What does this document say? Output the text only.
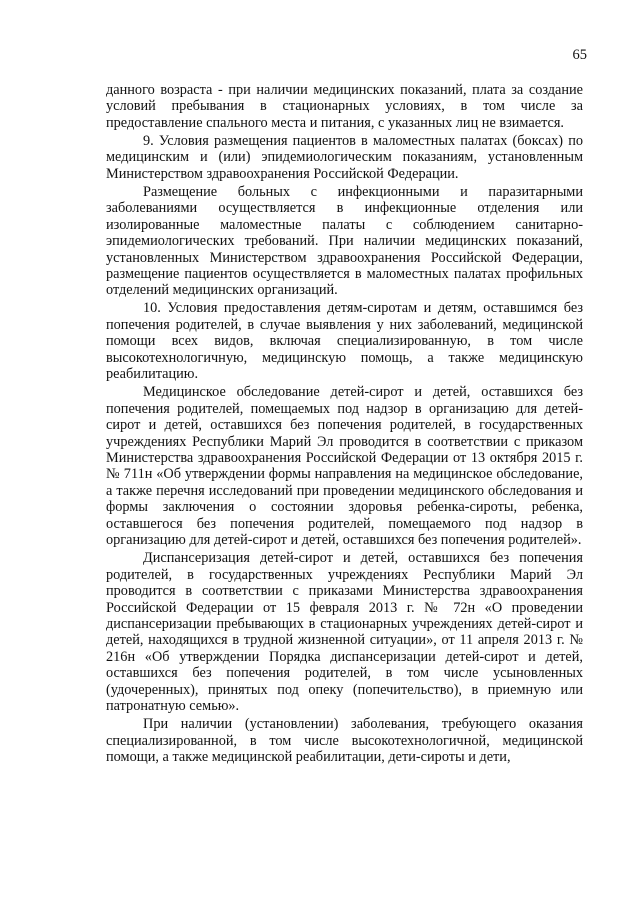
65

данного возраста - при наличии медицинских показаний, плата за создание условий пребывания в стационарных условиях, в том числе за предоставление спального места и питания, с указанных лиц не взимается.

9. Условия размещения пациентов в маломестных палатах (боксах) по медицинским и (или) эпидемиологическим показаниям, установленным Министерством здравоохранения Российской Федерации.

Размещение больных с инфекционными и паразитарными заболеваниями осуществляется в инфекционные отделения или изолированные маломестные палаты с соблюдением санитарно-эпидемиологических требований. При наличии медицинских показаний, установленных Министерством здравоохранения Российской Федерации, размещение пациентов осуществляется в маломестных палатах профильных отделений медицинских организаций.

10. Условия предоставления детям-сиротам и детям, оставшимся без попечения родителей, в случае выявления у них заболеваний, медицинской помощи всех видов, включая специализированную, в том числе высокотехнологичную, медицинскую помощь, а также медицинскую реабилитацию.

Медицинское обследование детей-сирот и детей, оставшихся без попечения родителей, помещаемых под надзор в организацию для детей-сирот и детей, оставшихся без попечения родителей, в государственных учреждениях Республики Марий Эл проводится в соответствии с приказом Министерства здравоохранения Российской Федерации от 13 октября 2015 г. № 711н «Об утверждении формы направления на медицинское обследование, а также перечня исследований при проведении медицинского обследования и формы заключения о состоянии здоровья ребенка-сироты, ребенка, оставшегося без попечения родителей, помещаемого под надзор в организацию для детей-сирот и детей, оставшихся без попечения родителей».

Диспансеризация детей-сирот и детей, оставшихся без попечения родителей, в государственных учреждениях Республики Марий Эл проводится в соответствии с приказами Министерства здравоохранения Российской Федерации от 15 февраля 2013 г. № 72н «О проведении диспансеризации пребывающих в стационарных учреждениях детей-сирот и детей, находящихся в трудной жизненной ситуации», от 11 апреля 2013 г. № 216н «Об утверждении Порядка диспансеризации детей-сирот и детей, оставшихся без попечения родителей, в том числе усыновленных (удочеренных), принятых под опеку (попечительство), в приемную или патронатную семью».

При наличии (установлении) заболевания, требующего оказания специализированной, в том числе высокотехнологичной, медицинской помощи, а также медицинской реабилитации, дети-сироты и дети,
